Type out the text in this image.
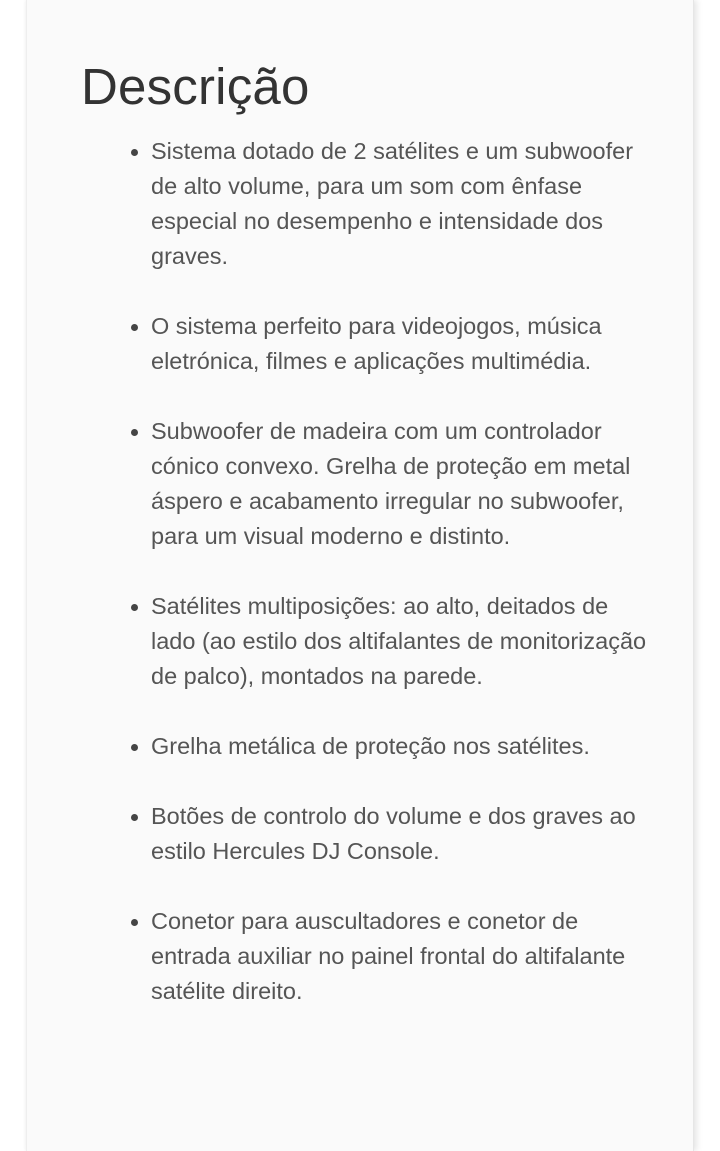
Descrição
Sistema dotado de 2 satélites e um subwoofer de alto volume, para um som com ênfase especial no desempenho e intensidade dos graves.
O sistema perfeito para videojogos, música eletrónica, filmes e aplicações multimédia.
Subwoofer de madeira com um controlador cónico convexo. Grelha de proteção em metal áspero e acabamento irregular no subwoofer, para um visual moderno e distinto.
Satélites multiposições: ao alto, deitados de lado (ao estilo dos altifalantes de monitorização de palco), montados na parede.
Grelha metálica de proteção nos satélites.
Botões de controlo do volume e dos graves ao estilo Hercules DJ Console.
Conetor para auscultadores e conetor de entrada auxiliar no painel frontal do altifalante satélite direito.
